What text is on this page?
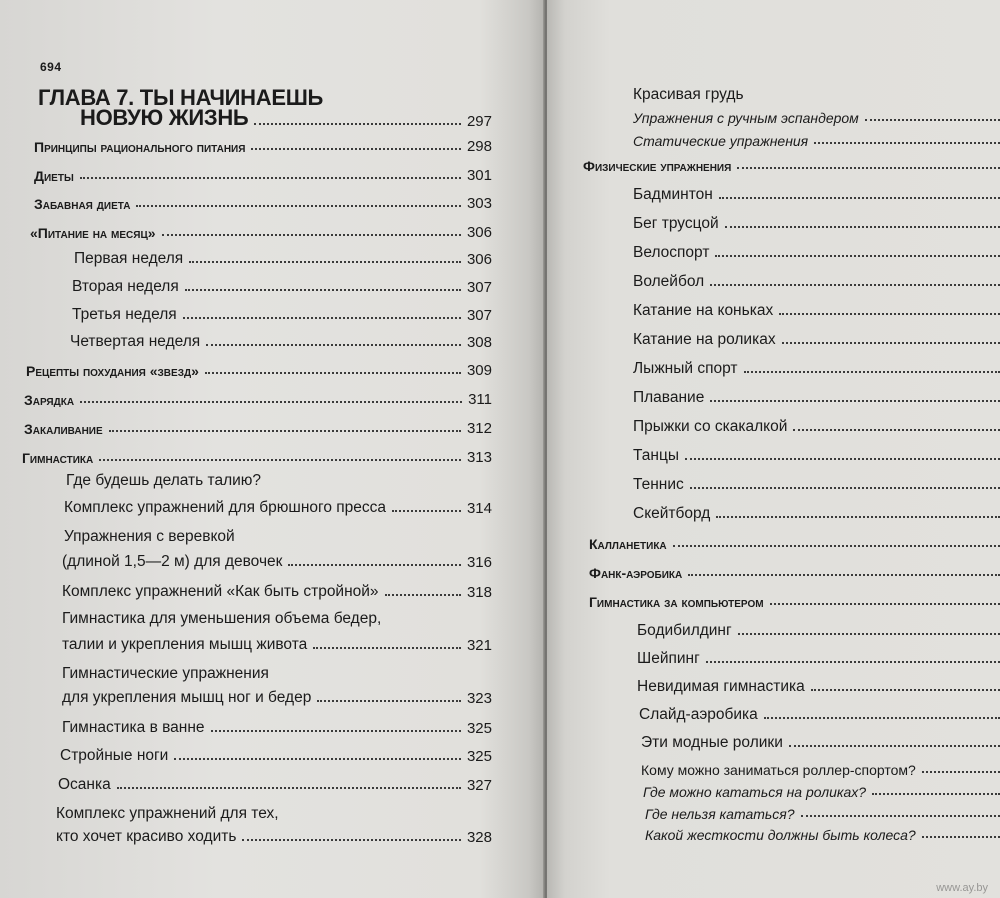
694
ГЛАВА 7. ТЫ НАЧИНАЕШЬ
НОВУЮ ЖИЗНЬ	297
Принципы рационального питания	298
Диеты	301
Забавная диета	303
«Питание на месяц»	306
Первая неделя	306
Вторая неделя	307
Третья неделя	307
Четвертая неделя	308
Рецепты похудания «звезд»	309
Зарядка	311
Закаливание	312
Гимнастика	313
Где будешь делать талию?
Комплекс упражнений для брюшного пресса	314
Упражнения с веревкой
(длиной 1,5—2 м) для девочек	316
Комплекс упражнений «Как быть стройной»	318
Гимнастика для уменьшения объема бедер,
талии и укрепления мышц живота	321
Гимнастические упражнения
для укрепления мышц ног и бедер	323
Гимнастика в ванне	325
Стройные ноги	325
Осанка	327
Комплекс упражнений для тех,
кто хочет красиво ходить	328
Красивая грудь
Упражнения с ручным эспандером
Статические упражнения
Физические упражнения
Бадминтон
Бег трусцой
Велоспорт
Волейбол
Катание на коньках
Катание на роликах
Лыжный спорт
Плавание
Прыжки со скакалкой
Танцы
Теннис
Скейтборд
Калланетика
Фанк-аэробика
Гимнастика за компьютером
Бодибилдинг
Шейпинг
Невидимая гимнастика
Слайд-аэробика
Эти модные ролики
Кому можно заниматься роллер-спортом?
Где можно кататься на роликах?
Где нельзя кататься?
Какой жесткости должны быть колеса?
www.ay.by
